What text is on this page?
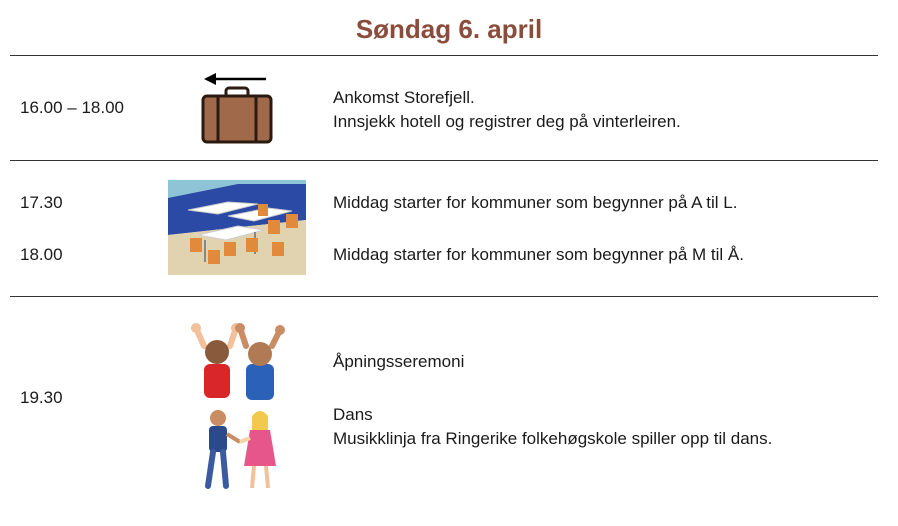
Søndag 6. april
16.00 – 18.00
Ankomst Storefjell.
Innsjekk hotell og registrer deg på vinterleiren.
17.30
18.00
Middag starter for kommuner som begynner på A til L.
Middag starter for kommuner som begynner på M til Å.
19.30
Åpningsseremoni
Dans
Musikklinja fra Ringerike folkehøgskole spiller opp til dans.
